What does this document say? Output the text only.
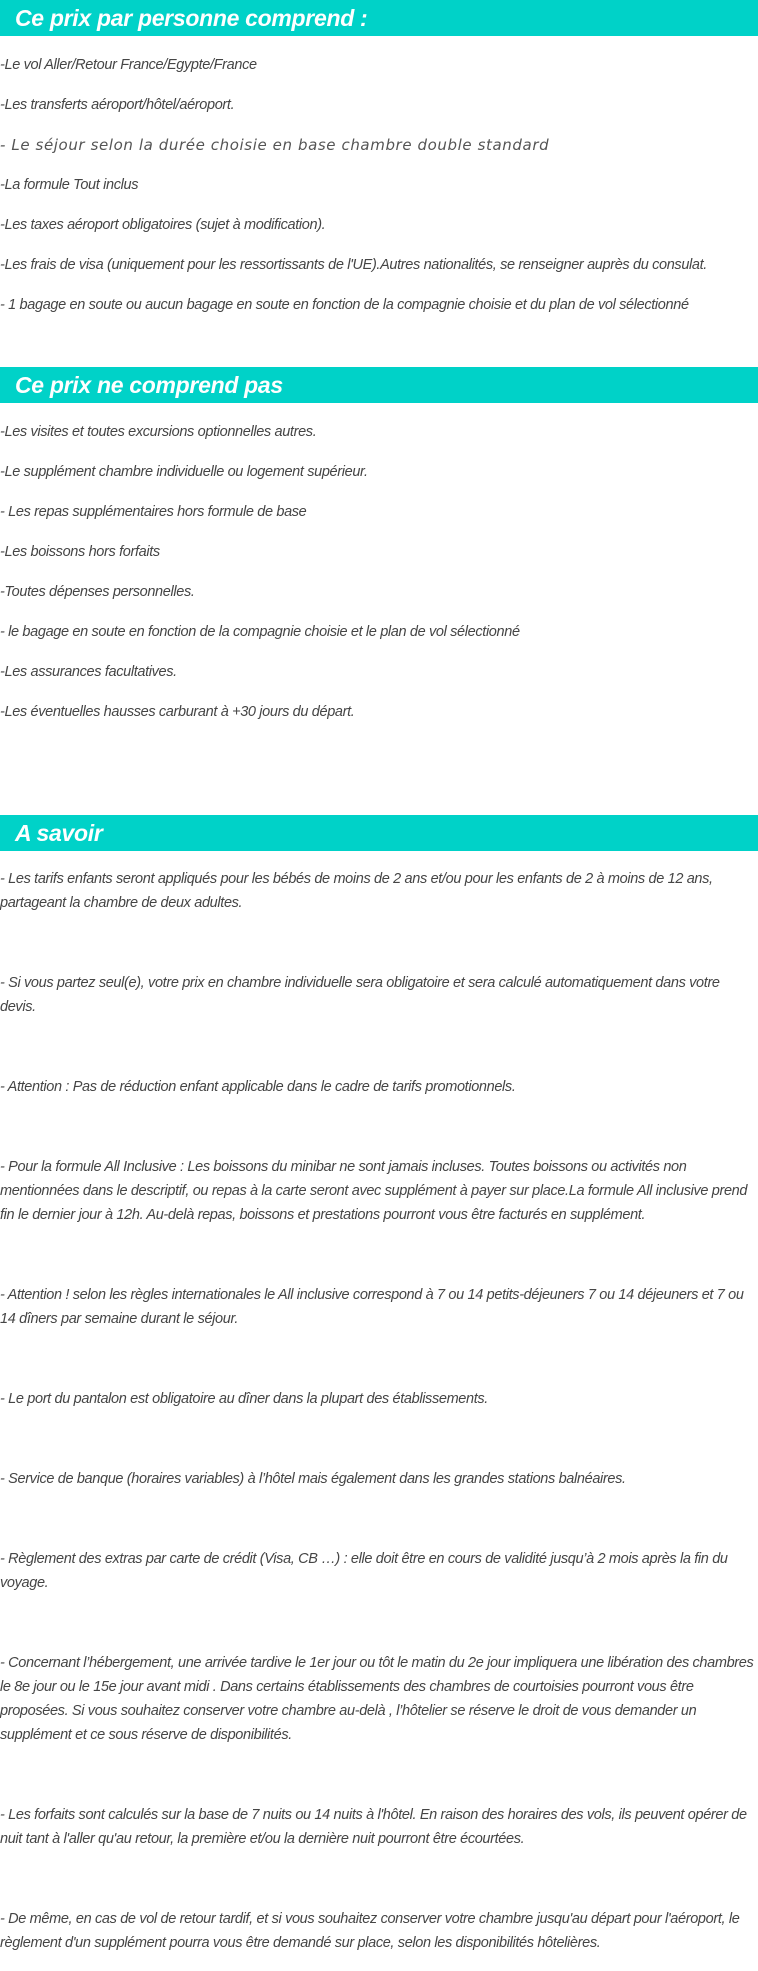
Ce prix par personne comprend :
-Le vol Aller/Retour France/Egypte/France
-Les transferts aéroport/hôtel/aéroport.
- Le séjour selon la durée choisie en base chambre double standard
-La formule Tout inclus
-Les taxes aéroport obligatoires (sujet à modification).
-Les frais de visa (uniquement pour les ressortissants de l'UE).Autres nationalités, se renseigner auprès du consulat.
- 1 bagage en soute ou aucun bagage en soute en fonction de la compagnie choisie et du plan de vol sélectionné
Ce prix ne comprend pas
-Les visites et toutes excursions optionnelles autres.
-Le supplément chambre individuelle ou logement supérieur.
- Les repas supplémentaires hors formule de base
-Les boissons hors forfaits
-Toutes dépenses personnelles.
- le bagage en soute en fonction de la compagnie choisie et le plan de vol sélectionné
-Les assurances facultatives.
-Les éventuelles hausses carburant à +30 jours du départ.
A savoir
- Les tarifs enfants seront appliqués pour les bébés de moins de 2 ans et/ou pour les enfants de 2 à moins de 12 ans, partageant la chambre de deux adultes.
- Si vous partez seul(e), votre prix en chambre individuelle sera obligatoire et sera calculé automatiquement dans votre devis.
- Attention : Pas de réduction enfant applicable dans le cadre de tarifs promotionnels.
- Pour la formule All Inclusive : Les boissons du minibar ne sont jamais incluses. Toutes boissons ou activités non mentionnées dans le descriptif, ou repas à la carte seront avec supplément à payer sur place.La formule All inclusive prend fin le dernier jour à 12h. Au-delà repas, boissons et prestations pourront vous être facturés en supplément.
- Attention ! selon les règles internationales le All inclusive correspond à 7 ou 14 petits-déjeuners 7 ou 14 déjeuners et 7 ou 14 dîners par semaine durant le séjour.
- Le port du pantalon est obligatoire au dîner dans la plupart des établissements.
- Service de banque (horaires variables) à l’hôtel mais également dans les grandes stations balnéaires.
- Règlement des extras par carte de crédit (Visa, CB …) : elle doit être en cours de validité jusqu’à 2 mois après la fin du voyage.
- Concernant l’hébergement, une arrivée tardive le 1er jour ou tôt le matin du 2e jour impliquera une libération des chambres le 8e jour ou le 15e jour avant midi . Dans certains établissements des chambres de courtoisies pourront vous être proposées. Si vous souhaitez conserver votre chambre au-delà , l’hôtelier se réserve le droit de vous demander un supplément et ce sous réserve de disponibilités.
- Les forfaits sont calculés sur la base de 7 nuits ou 14 nuits à l'hôtel. En raison des horaires des vols, ils peuvent opérer de nuit tant à l'aller qu'au retour, la première et/ou la dernière nuit pourront être écourtées.
- De même, en cas de vol de retour tardif, et si vous souhaitez conserver votre chambre jusqu'au départ pour l'aéroport, le règlement d'un supplément pourra vous être demandé sur place, selon les disponibilités hôtelières.
